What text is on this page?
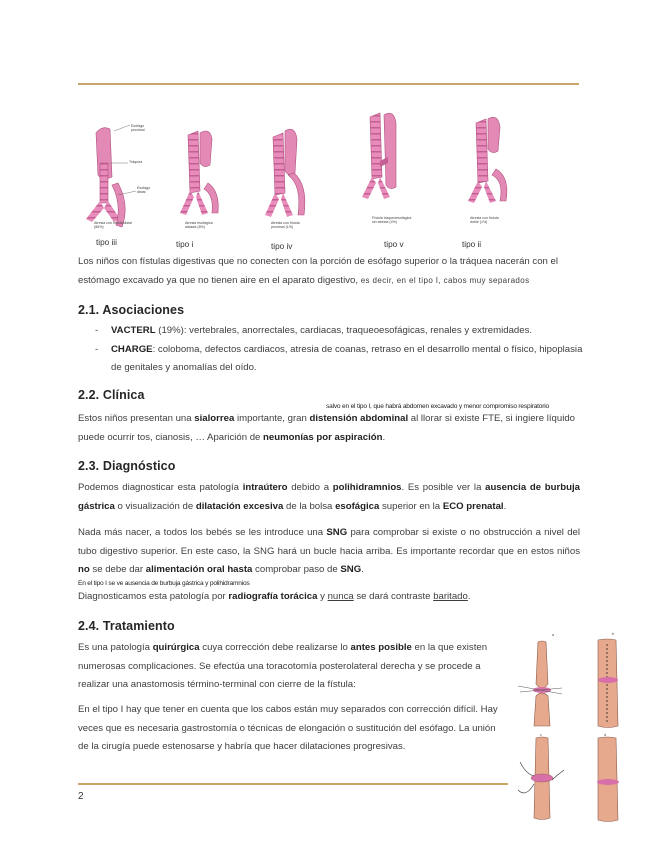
Esófago proximal
Tráquea
Esófago distal
Atresia con fístula distal (86%)
Atresia esofágica aislada (8%)
Atresia con fístula proximal (1%)
Fístula traqueoesofágica sin atresia (4%)
Atresia con fístula doble (1%)
tipo iii	tipo i	tipo iv	tipo v	tipo ii

Los niños con fístulas digestivas que no conecten con la porción de esófago superior o la tráquea nacerán con el estómago excavado ya que no tienen aire en el aparato digestivo, es decir, en el tipo I, cabos muy separados

2.1. Asociaciones
- VACTERL (19%): vertebrales, anorrectales, cardiacas, traqueoesofágicas, renales y extremidades.
- CHARGE: coloboma, defectos cardiacos, atresia de coanas, retraso en el desarrollo mental o físico, hipoplasia de genitales y anomalías del oído.
2.2. Clínica
salvo en el tipo I, que habrá abdomen excavado y menor compromiso respiratorio

Estos niños presentan una sialorrea importante, gran distensión abdominal al llorar si existe FTE, si ingiere líquido puede ocurrir tos, cianosis, … Aparición de neumonías por aspiración.

2.3. Diagnóstico

Podemos diagnosticar esta patología intraútero debido a polihidramnios. Es posible ver la ausencia de burbuja gástrica o visualización de dilatación excesiva de la bolsa esofágica superior en la ECO prenatal.

Nada más nacer, a todos los bebés se les introduce una SNG para comprobar si existe o no obstrucción a nivel del tubo digestivo superior. En este caso, la SNG hará un bucle hacia arriba. Es importante recordar que en estos niños no se debe dar alimentación oral hasta comprobar paso de SNG.

En el tipo I se ve ausencia de burbuja gástrica y polihidramnios

Diagnosticamos esta patología por radiografía torácica y nunca se dará contraste baritado.

2.4. Tratamiento

Es una patología quirúrgica cuya corrección debe realizarse lo antes posible en la que existen numerosas complicaciones. Se efectúa una toracotomía posterolateral derecha y se procede a realizar una anastomosis término-terminal con cierre de la fístula:

En el tipo I hay que tener en cuenta que los cabos están muy separados con corrección difícil. Hay veces que es necesaria gastrostomía o técnicas de elongación o sustitución del esófago. La unión de la cirugía puede estenosarse y habría que hacer dilataciones progresivas.

a	b
c	d
2
